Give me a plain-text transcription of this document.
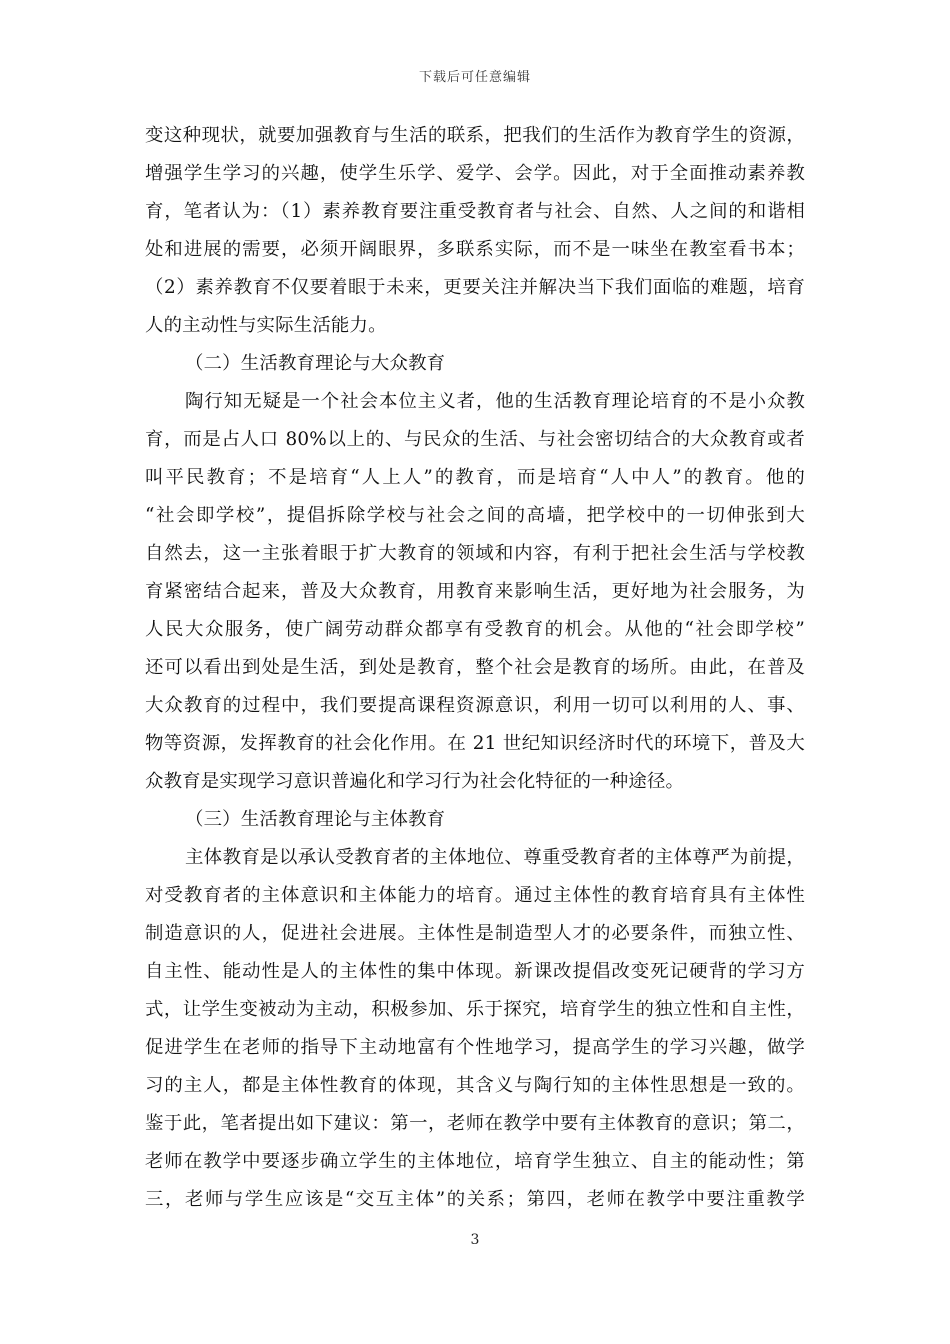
下载后可任意编辑
变这种现状，就要加强教育与生活的联系，把我们的生活作为教育学生的资源，
增强学生学习的兴趣，使学生乐学、爱学、会学。因此，对于全面推动素养教
育，笔者认为：（1）素养教育要注重受教育者与社会、自然、人之间的和谐相
处和进展的需要，必须开阔眼界，多联系实际，而不是一味坐在教室看书本；
（2）素养教育不仅要着眼于未来，更要关注并解决当下我们面临的难题，培育
人的主动性与实际生活能力。
（二）生活教育理论与大众教育
陶行知无疑是一个社会本位主义者，他的生活教育理论培育的不是小众教
育，而是占人口 80%以上的、与民众的生活、与社会密切结合的大众教育或者
叫平民教育；不是培育“人上人”的教育，而是培育“人中人”的教育。他的
“社会即学校”，提倡拆除学校与社会之间的高墙，把学校中的一切伸张到大
自然去，这一主张着眼于扩大教育的领域和内容，有利于把社会生活与学校教
育紧密结合起来，普及大众教育，用教育来影响生活，更好地为社会服务，为
人民大众服务，使广阔劳动群众都享有受教育的机会。从他的“社会即学校”
还可以看出到处是生活，到处是教育，整个社会是教育的场所。由此，在普及
大众教育的过程中，我们要提高课程资源意识，利用一切可以利用的人、事、
物等资源，发挥教育的社会化作用。在 21 世纪知识经济时代的环境下，普及大
众教育是实现学习意识普遍化和学习行为社会化特征的一种途径。
（三）生活教育理论与主体教育
主体教育是以承认受教育者的主体地位、尊重受教育者的主体尊严为前提，
对受教育者的主体意识和主体能力的培育。通过主体性的教育培育具有主体性
制造意识的人，促进社会进展。主体性是制造型人才的必要条件，而独立性、
自主性、能动性是人的主体性的集中体现。新课改提倡改变死记硬背的学习方
式，让学生变被动为主动，积极参加、乐于探究，培育学生的独立性和自主性，
促进学生在老师的指导下主动地富有个性地学习，提高学生的学习兴趣，做学
习的主人，都是主体性教育的体现，其含义与陶行知的主体性思想是一致的。
鉴于此，笔者提出如下建议：第一，老师在教学中要有主体教育的意识；第二，
老师在教学中要逐步确立学生的主体地位，培育学生独立、自主的能动性；第
三，老师与学生应该是“交互主体”的关系；第四，老师在教学中要注重教学
3
